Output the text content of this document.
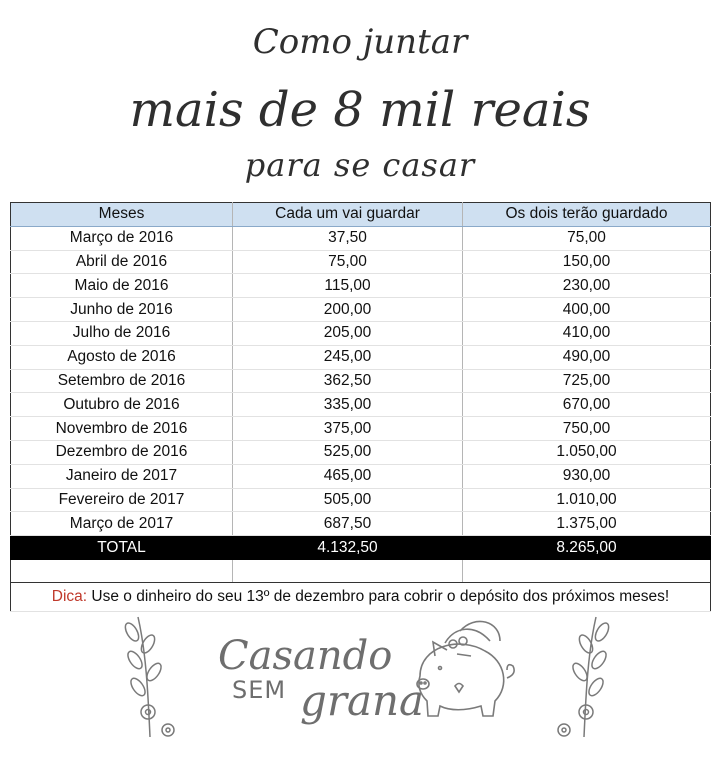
Como juntar
mais de 8 mil reais
para se casar
Meses	Cada um vai guardar	Os dois terão guardado
Março de 2016	37,50	75,00
Abril de 2016	75,00	150,00
Maio de 2016	115,00	230,00
Junho de 2016	200,00	400,00
Julho de 2016	205,00	410,00
Agosto de 2016	245,00	490,00
Setembro de 2016	362,50	725,00
Outubro de 2016	335,00	670,00
Novembro de 2016	375,00	750,00
Dezembro de 2016	525,00	1.050,00
Janeiro de 2017	465,00	930,00
Fevereiro de 2017	505,00	1.010,00
Março de 2017	687,50	1.375,00
TOTAL	4.132,50	8.265,00

Dica: Use o dinheiro do seu 13º de dezembro para cobrir o depósito dos próximos meses!		
Casando
SEM grana
